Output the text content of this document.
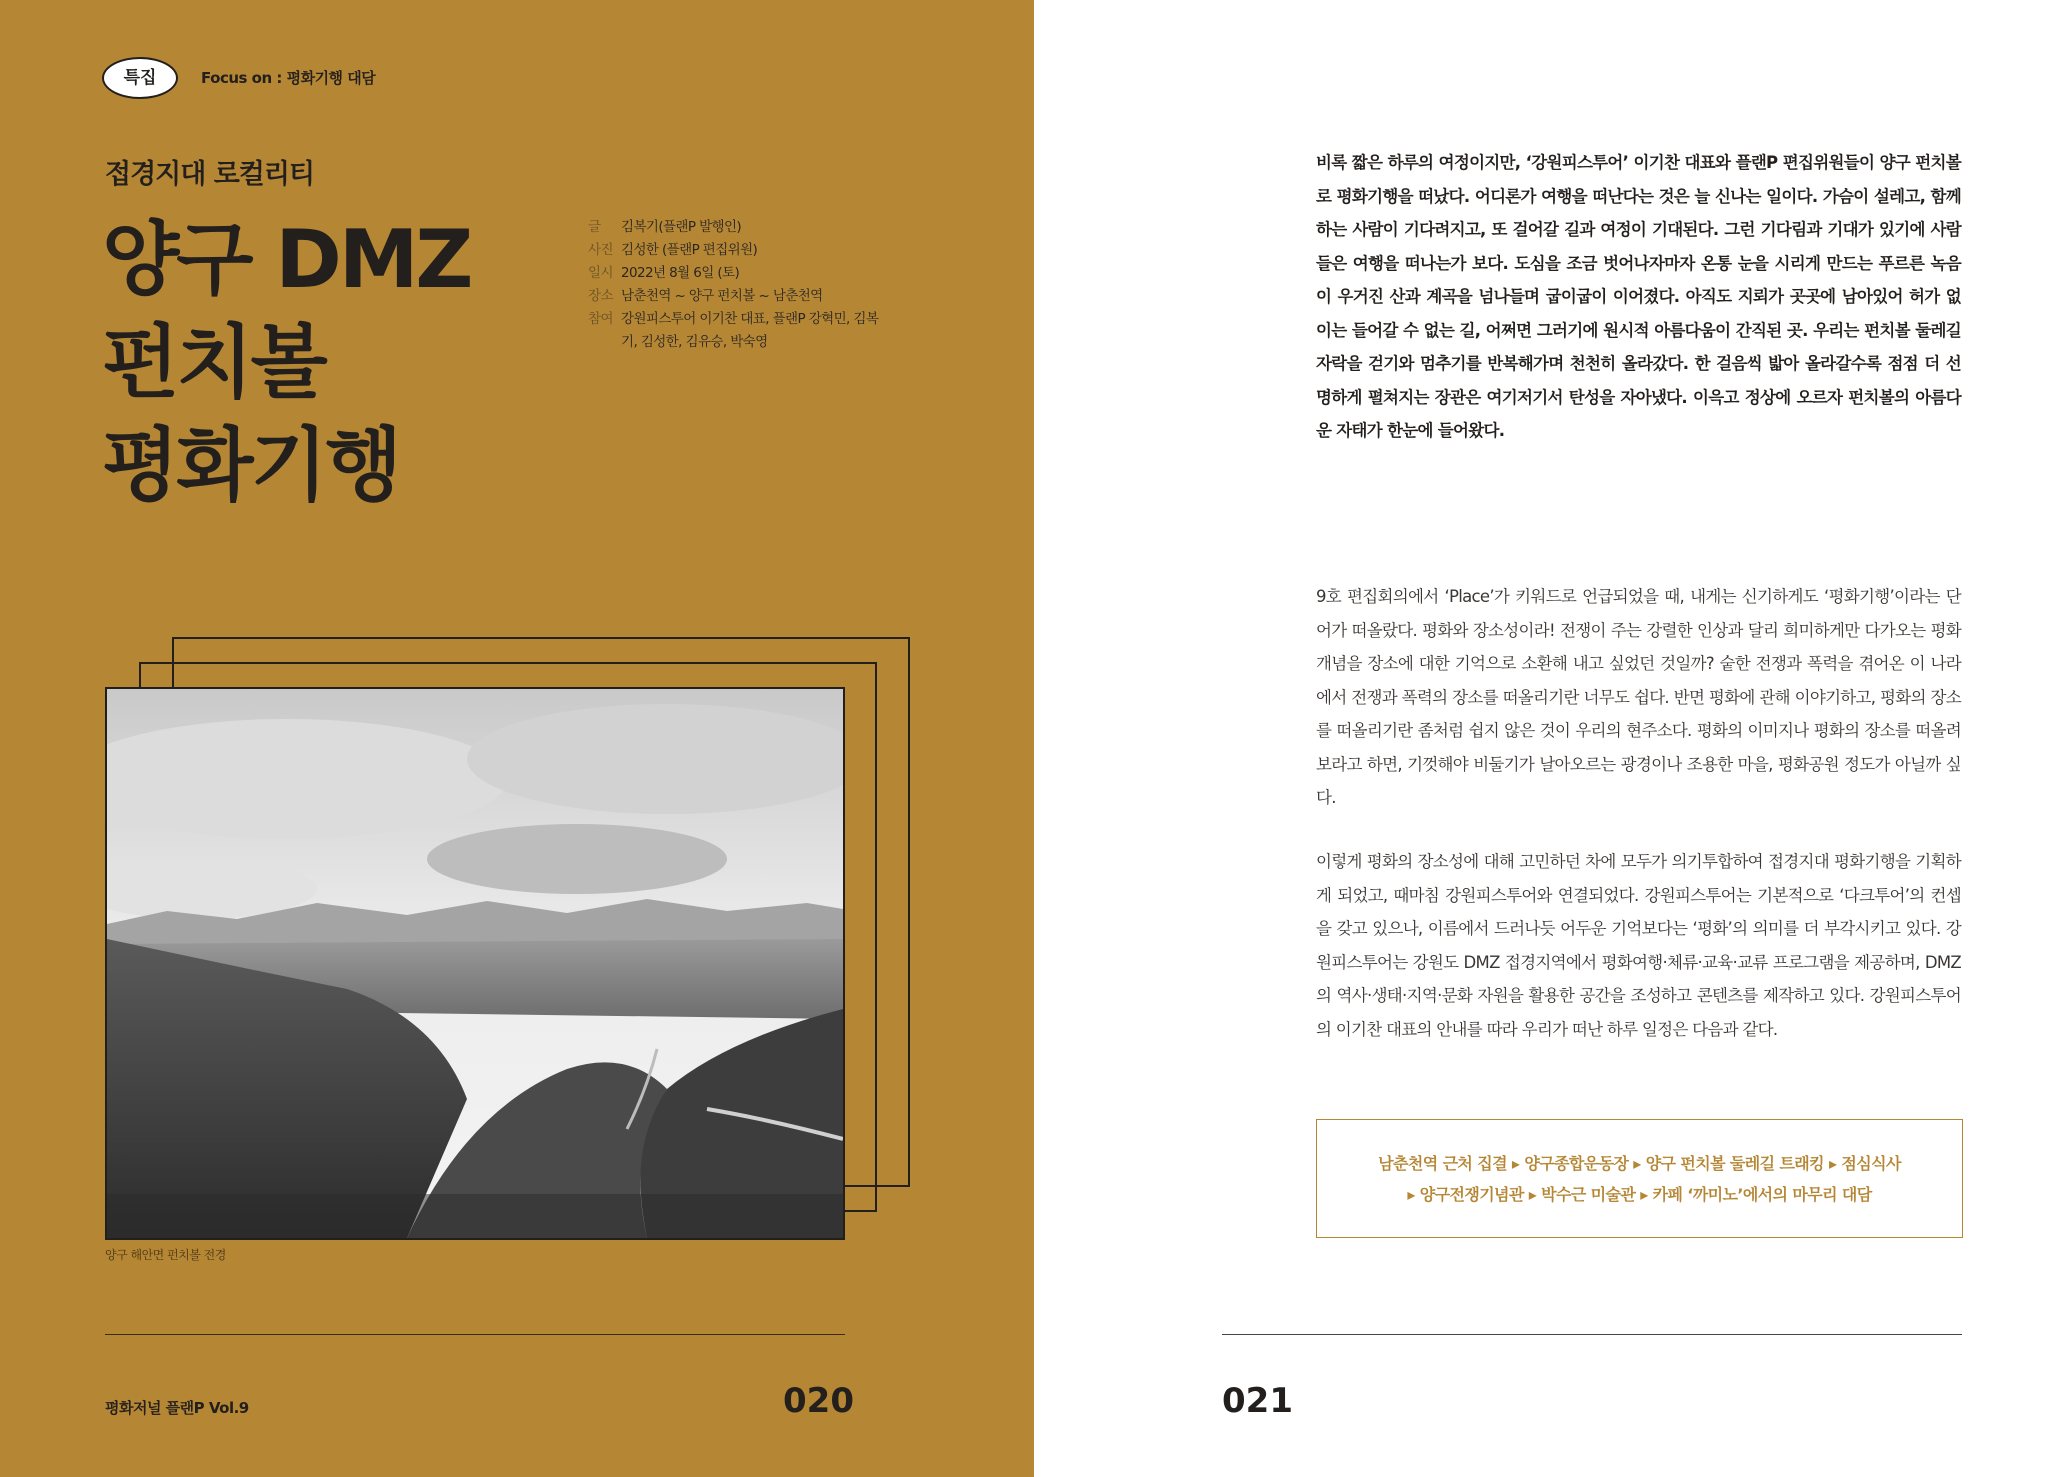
특집	Focus on : 평화기행 대담
접경지대 로컬리티
양구 DMZ
펀치볼
평화기행
글	김복기(플랜P 발행인)
사진 김성한 (플랜P 편집위원)
일시 2022년 8월 6일 (토)
장소 남춘천역 ~ 양구 펀치볼 ~ 남춘천역
참여 강원피스투어 이기찬 대표, 플랜P 강혁민, 김복기, 김성한, 김유승, 박숙영
양구 해안면 펀치볼 전경
평화저널 플랜P Vol.9	020
비록 짧은 하루의 여정이지만, ‘강원피스투어’ 이기찬 대표와 플랜P 편집위원들이 양구 펀치볼로 평화기행을 떠났다. 어디론가 여행을 떠난다는 것은 늘 신나는 일이다. 가슴이 설레고, 함께 하는 사람이 기다려지고, 또 걸어갈 길과 여정이 기대된다. 그런 기다림과 기대가 있기에 사람들은 여행을 떠나는가 보다. 도심을 조금 벗어나자마자 온통 눈을 시리게 만드는 푸르른 녹음이 우거진 산과 계곡을 넘나들며 굽이굽이 이어졌다. 아직도 지뢰가 곳곳에 남아있어 허가 없이는 들어갈 수 없는 길, 어쩌면 그러기에 원시적 아름다움이 간직된 곳. 우리는 펀치볼 둘레길 자락을 걷기와 멈추기를 반복해가며 천천히 올라갔다. 한 걸음씩 밟아 올라갈수록 점점 더 선명하게 펼쳐지는 장관은 여기저기서 탄성을 자아냈다. 이윽고 정상에 오르자 펀치볼의 아름다운 자태가 한눈에 들어왔다.
9호 편집회의에서 ‘Place’가 키워드로 언급되었을 때, 내게는 신기하게도 ‘평화기행’이라는 단어가 떠올랐다. 평화와 장소성이라! 전쟁이 주는 강렬한 인상과 달리 희미하게만 다가오는 평화 개념을 장소에 대한 기억으로 소환해 내고 싶었던 것일까? 숱한 전쟁과 폭력을 겪어온 이 나라에서 전쟁과 폭력의 장소를 떠올리기란 너무도 쉽다. 반면 평화에 관해 이야기하고, 평화의 장소를 떠올리기란 좀처럼 쉽지 않은 것이 우리의 현주소다. 평화의 이미지나 평화의 장소를 떠올려보라고 하면, 기껏해야 비둘기가 날아오르는 광경이나 조용한 마을, 평화공원 정도가 아닐까 싶다.
이렇게 평화의 장소성에 대해 고민하던 차에 모두가 의기투합하여 접경지대 평화기행을 기획하게 되었고, 때마침 강원피스투어와 연결되었다. 강원피스투어는 기본적으로 ‘다크투어’의 컨셉을 갖고 있으나, 이름에서 드러나듯 어두운 기억보다는 ‘평화’의 의미를 더 부각시키고 있다. 강원피스투어는 강원도 DMZ 접경지역에서 평화여행·체류·교육·교류 프로그램을 제공하며, DMZ의 역사·생태·지역·문화 자원을 활용한 공간을 조성하고 콘텐츠를 제작하고 있다. 강원피스투어의 이기찬 대표의 안내를 따라 우리가 떠난 하루 일정은 다음과 같다.
남춘천역 근처 집결 ▸ 양구종합운동장 ▸ 양구 펀치볼 둘레길 트래킹 ▸ 점심식사
▸ 양구전쟁기념관 ▸ 박수근 미술관 ▸ 카페 ‘까미노’에서의 마무리 대담
021
